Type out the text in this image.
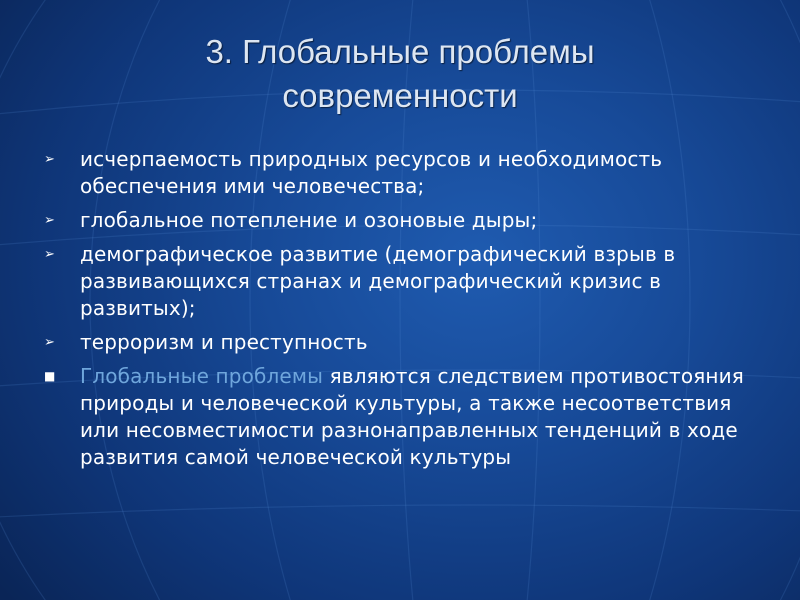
3. Глобальные проблемы
современности
➢ исчерпаемость природных ресурсов и необходимость обеспечения ими человечества;
➢ глобальное потепление и озоновые дыры;
➢ демографическое развитие (демографический взрыв в развивающихся странах и демографический кризис в развитых);
➢ терроризм и преступность
■ Глобальные проблемы являются следствием противостояния природы и человеческой культуры, а также несоответствия или несовместимости разнонаправленных тенденций в ходе развития самой человеческой культуры
